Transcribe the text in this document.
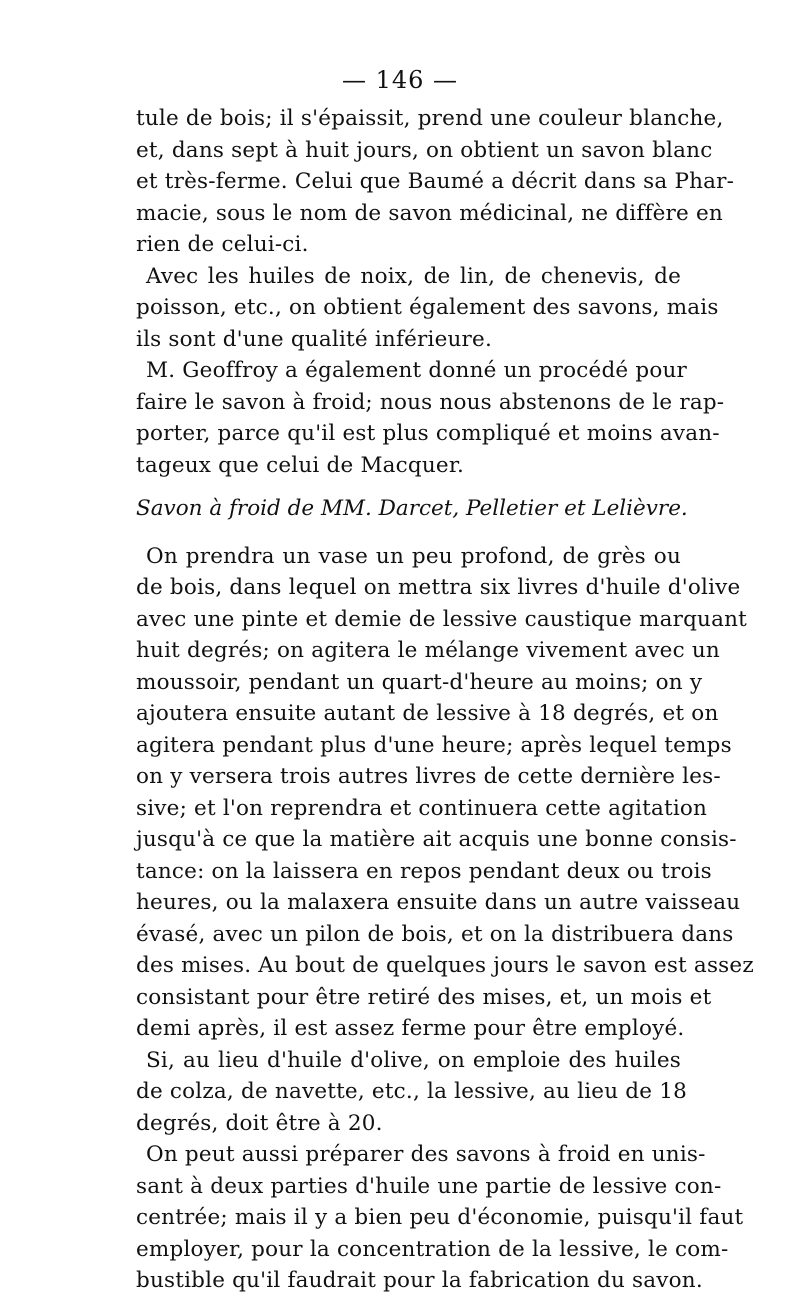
— 146 —
tule de bois; il s'épaissit, prend une couleur blanche,
et, dans sept à huit jours, on obtient un savon blanc
et très-ferme. Celui que Baumé a décrit dans sa Phar-
macie, sous le nom de savon médicinal, ne diffère en
rien de celui-ci.
Avec les huiles de noix, de lin, de chenevis, de
poisson, etc., on obtient également des savons, mais
ils sont d'une qualité inférieure.
M. Geoffroy a également donné un procédé pour
faire le savon à froid; nous nous abstenons de le rap-
porter, parce qu'il est plus compliqué et moins avan-
tageux que celui de Macquer.
Savon à froid de MM. Darcet, Pelletier et Lelièvre.
On prendra un vase un peu profond, de grès ou
de bois, dans lequel on mettra six livres d'huile d'olive
avec une pinte et demie de lessive caustique marquant
huit degrés; on agitera le mélange vivement avec un
moussoir, pendant un quart-d'heure au moins; on y
ajoutera ensuite autant de lessive à 18 degrés, et on
agitera pendant plus d'une heure; après lequel temps
on y versera trois autres livres de cette dernière les-
sive; et l'on reprendra et continuera cette agitation
jusqu'à ce que la matière ait acquis une bonne consis-
tance: on la laissera en repos pendant deux ou trois
heures, ou la malaxera ensuite dans un autre vaisseau
évasé, avec un pilon de bois, et on la distribuera dans
des mises. Au bout de quelques jours le savon est assez
consistant pour être retiré des mises, et, un mois et
demi après, il est assez ferme pour être employé.
Si, au lieu d'huile d'olive, on emploie des huiles
de colza, de navette, etc., la lessive, au lieu de 18
degrés, doit être à 20.
On peut aussi préparer des savons à froid en unis-
sant à deux parties d'huile une partie de lessive con-
centrée; mais il y a bien peu d'économie, puisqu'il faut
employer, pour la concentration de la lessive, le com-
bustible qu'il faudrait pour la fabrication du savon.
